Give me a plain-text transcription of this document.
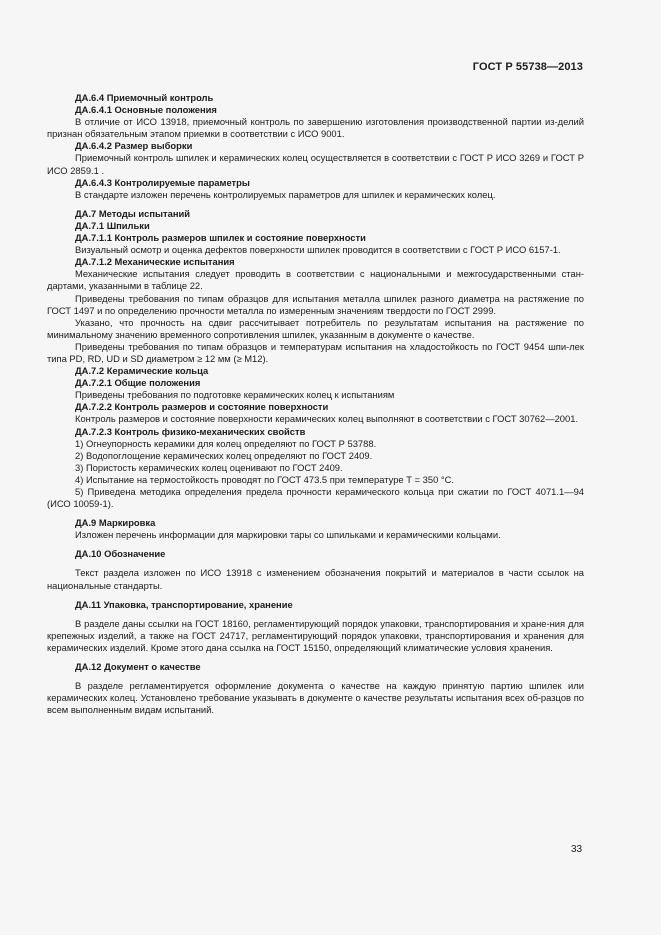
ГОСТ Р 55738—2013

ДА.6.4 Приемочный контроль

ДА.6.4.1 Основные положения

В отличие от ИСО 13918, приемочный контроль по завершению изготовления производственной партии из-делий признан обязательным этапом приемки в соответствии с ИСО 9001.

ДА.6.4.2 Размер выборки

Приемочный контроль шпилек и керамических колец осуществляется в соответствии с ГОСТ Р ИСО 3269 и ГОСТ Р ИСО 2859.1 .

ДА.6.4.3 Контролируемые параметры

В стандарте изложен перечень контролируемых параметров для шпилек и керамических колец.

ДА.7 Методы испытаний

ДА.7.1 Шпильки

ДА.7.1.1 Контроль размеров шпилек и состояние поверхности

Визуальный осмотр и оценка дефектов поверхности шпилек проводится в соответствии с ГОСТ Р ИСО 6157-1.

ДА.7.1.2 Механические испытания

Механические испытания следует проводить в соответствии с национальными и межгосударственными стан-дартами, указанными в таблице 22.

Приведены требования по типам образцов для испытания металла шпилек разного диаметра на растяжение по ГОСТ 1497 и по определению прочности металла по измеренным значениям твердости по ГОСТ 2999.

Указано, что прочность на сдвиг рассчитывает потребитель по результатам испытания на растяжение по минимальному значению временного сопротивления шпилек, указанным в документе о качестве.

Приведены требования по типам образцов и температурам испытания на хладостойкость по ГОСТ 9454 шпи-лек типа PD, RD, UD и SD диаметром ≥ 12 мм (≥ M12).

ДА.7.2 Керамические кольца

ДА.7.2.1 Общие положения

Приведены требования по подготовке керамических колец к испытаниям

ДА.7.2.2 Контроль размеров и состояние поверхности

Контроль размеров и состояние поверхности керамических колец выполняют в соответствии с ГОСТ 30762—2001.

ДА.7.2.3 Контроль физико-механических свойств

1) Огнеупорность керамики для колец определяют по ГОСТ Р 53788.

2) Водопоглощение керамических колец определяют по ГОСТ 2409.

3) Пористость керамических колец оценивают по ГОСТ 2409.

4) Испытание на термостойкость проводят по ГОСТ 473.5 при температуре Т = 350 °С.

5) Приведена методика определения предела прочности керамического кольца при сжатии по ГОСТ 4071.1—94 (ИСО 10059-1).

ДА.9 Маркировка

Изложен перечень информации для маркировки тары со шпильками и керамическими кольцами.

ДА.10 Обозначение

Текст раздела изложен по ИСО 13918 с изменением обозначения покрытий и материалов в части ссылок на национальные стандарты.

ДА.11 Упаковка, транспортирование, хранение

В разделе даны ссылки на ГОСТ 18160, регламентирующий порядок упаковки, транспортирования и хране-ния для крепежных изделий, а также на ГОСТ 24717, регламентирующий порядок упаковки, транспортирования и хранения для керамических изделий. Кроме этого дана ссылка на ГОСТ 15150, определяющий климатические условия хранения.

ДА.12 Документ о качестве

В разделе регламентируется оформление документа о качестве на каждую принятую партию шпилек или керамических колец. Установлено требование указывать в документе о качестве результаты испытания всех об-разцов по всем выполненным видам испытаний.

33
